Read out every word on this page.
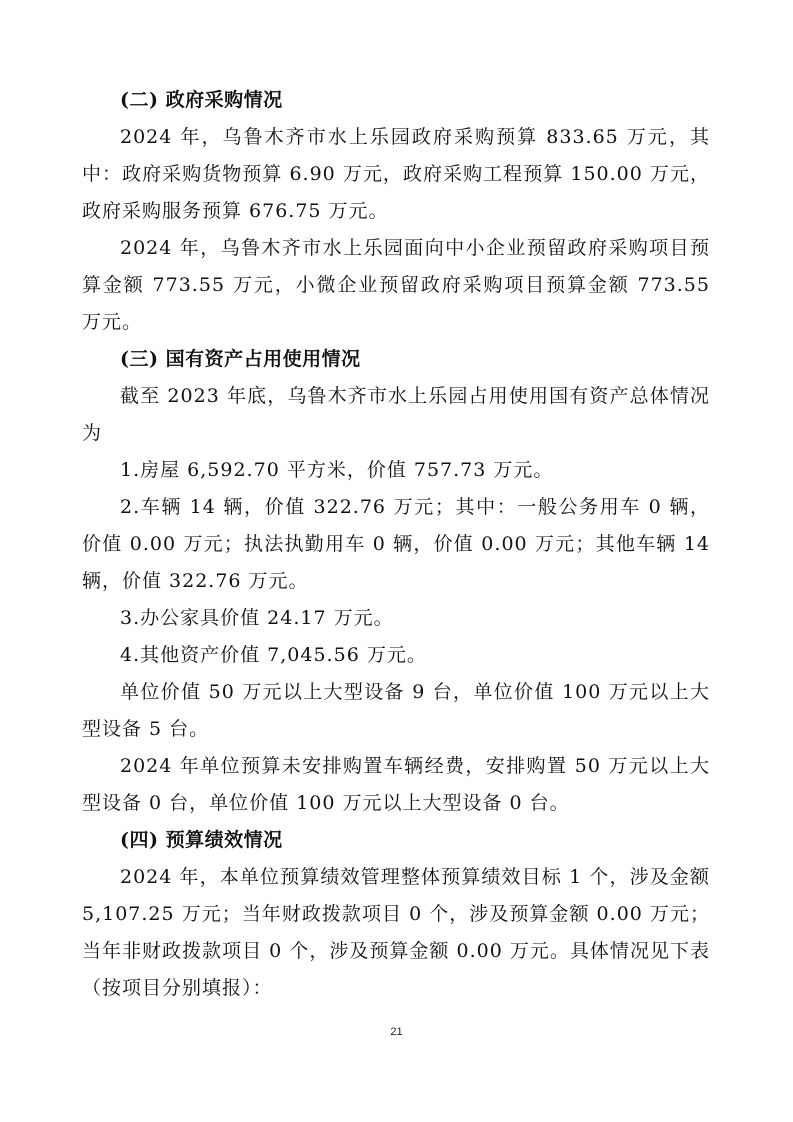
(二) 政府采购情况

2024 年，乌鲁木齐市水上乐园政府采购预算 833.65 万元，其中：政府采购货物预算 6.90 万元，政府采购工程预算 150.00 万元，政府采购服务预算 676.75 万元。

2024 年，乌鲁木齐市水上乐园面向中小企业预留政府采购项目预算金额 773.55 万元，小微企业预留政府采购项目预算金额 773.55 万元。

(三) 国有资产占用使用情况

截至 2023 年底，乌鲁木齐市水上乐园占用使用国有资产总体情况为

1.房屋 6,592.70 平方米，价值 757.73 万元。

2.车辆 14 辆，价值 322.76 万元；其中：一般公务用车 0 辆，价值 0.00 万元；执法执勤用车 0 辆，价值 0.00 万元；其他车辆 14 辆，价值 322.76 万元。

3.办公家具价值 24.17 万元。

4.其他资产价值 7,045.56 万元。

单位价值 50 万元以上大型设备 9 台，单位价值 100 万元以上大型设备 5 台。

2024 年单位预算未安排购置车辆经费，安排购置 50 万元以上大型设备 0 台，单位价值 100 万元以上大型设备 0 台。

(四) 预算绩效情况

2024 年，本单位预算绩效管理整体预算绩效目标 1 个，涉及金额 5,107.25 万元；当年财政拨款项目 0 个，涉及预算金额 0.00 万元；当年非财政拨款项目 0 个，涉及预算金额 0.00 万元。具体情况见下表（按项目分别填报）：

21
